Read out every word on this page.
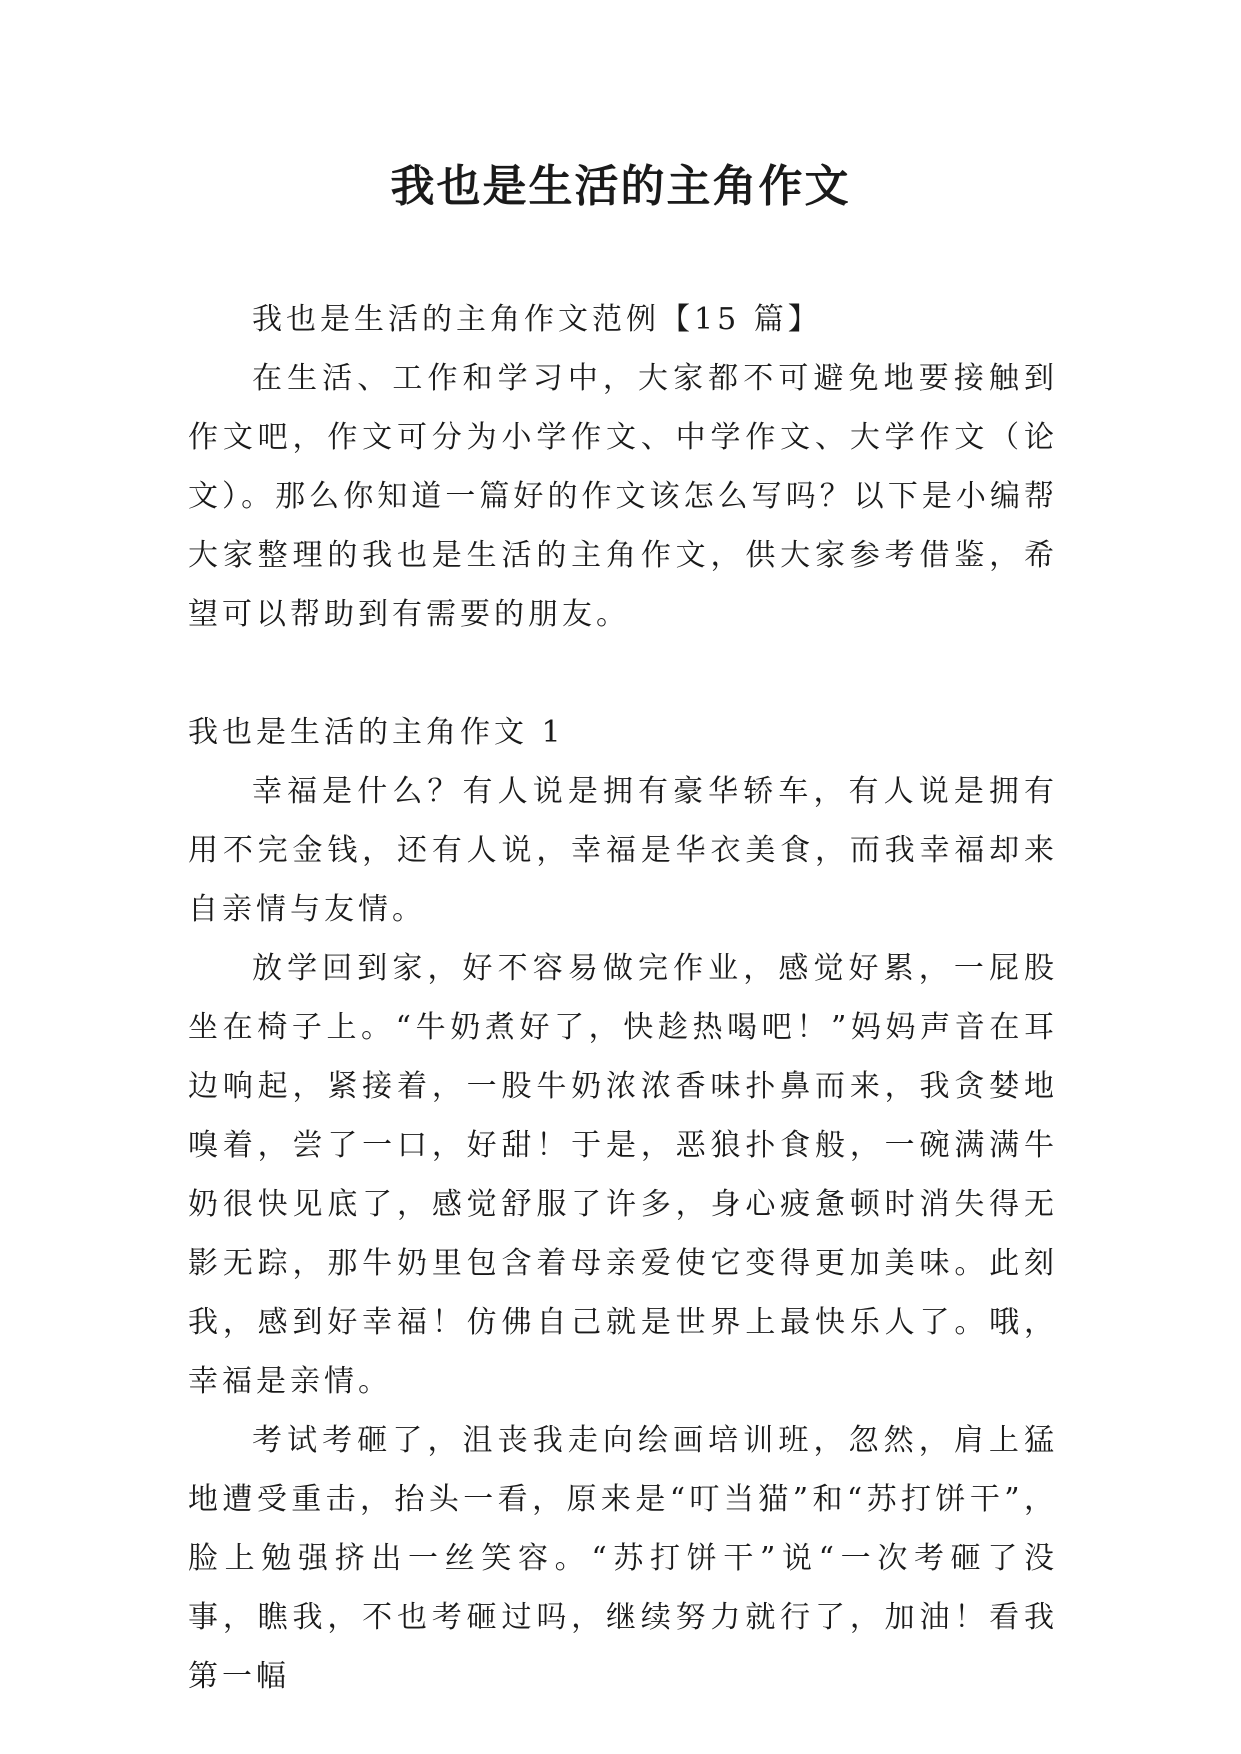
我也是生活的主角作文

我也是生活的主角作文范例【15 篇】

在生活、工作和学习中，大家都不可避免地要接触到作文吧，作文可分为小学作文、中学作文、大学作文（论文）。那么你知道一篇好的作文该怎么写吗？以下是小编帮大家整理的我也是生活的主角作文，供大家参考借鉴，希望可以帮助到有需要的朋友。

我也是生活的主角作文 1

幸福是什么？有人说是拥有豪华轿车，有人说是拥有用不完金钱，还有人说，幸福是华衣美食，而我幸福却来自亲情与友情。

放学回到家，好不容易做完作业，感觉好累，一屁股坐在椅子上。“牛奶煮好了，快趁热喝吧！”妈妈声音在耳边响起，紧接着，一股牛奶浓浓香味扑鼻而来，我贪婪地嗅着，尝了一口，好甜！于是，恶狼扑食般，一碗满满牛奶很快见底了，感觉舒服了许多，身心疲惫顿时消失得无影无踪，那牛奶里包含着母亲爱使它变得更加美味。此刻我，感到好幸福！仿佛自己就是世界上最快乐人了。哦，幸福是亲情。

考试考砸了，沮丧我走向绘画培训班，忽然，肩上猛地遭受重击，抬头一看，原来是“叮当猫”和“苏打饼干”，脸上勉强挤出一丝笑容。“苏打饼干”说“一次考砸了没事，瞧我，不也考砸过吗，继续努力就行了，加油！看我第一幅
